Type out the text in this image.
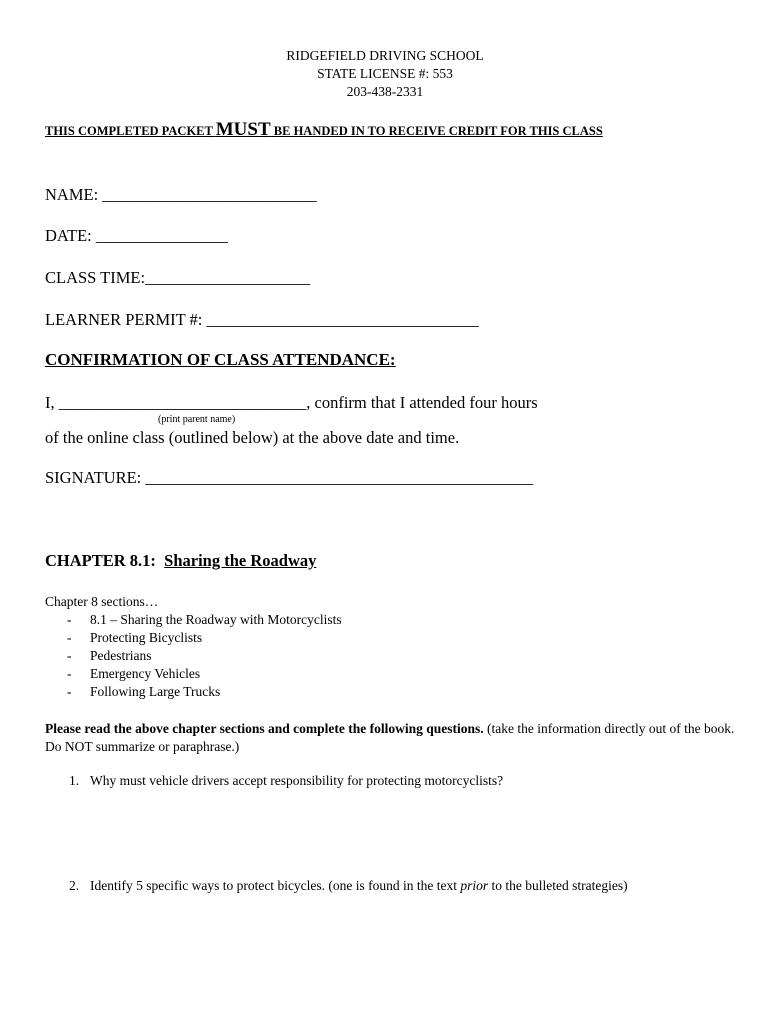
RIDGEFIELD DRIVING SCHOOL
STATE LICENSE #: 553
203-438-2331
THIS COMPLETED PACKET MUST BE HANDED IN TO RECEIVE CREDIT FOR THIS CLASS
NAME: __________________________
DATE: ________________
CLASS TIME:____________________
LEARNER PERMIT #: _________________________________
CONFIRMATION OF CLASS ATTENDANCE:
I, ______________________________, confirm that I attended four hours
(print parent name)
of the online class (outlined below) at the above date and time.
SIGNATURE: _______________________________________________
CHAPTER 8.1: Sharing the Roadway
Chapter 8 sections…
- 8.1 – Sharing the Roadway with Motorcyclists
- Protecting Bicyclists
- Pedestrians
- Emergency Vehicles
- Following Large Trucks
Please read the above chapter sections and complete the following questions. (take the information directly out of the book. Do NOT summarize or paraphrase.)
1. Why must vehicle drivers accept responsibility for protecting motorcyclists?
2. Identify 5 specific ways to protect bicycles. (one is found in the text prior to the bulleted strategies)
